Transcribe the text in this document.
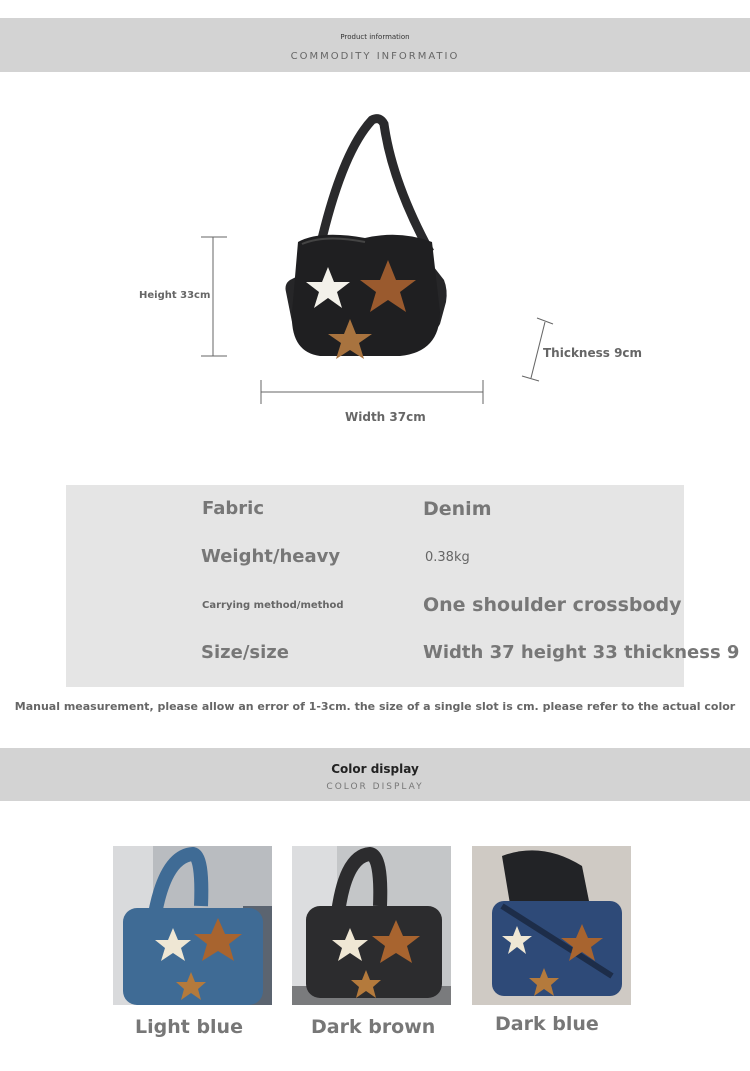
Product information
COMMODITY INFORMATIO
Height 33cm
Thickness 9cm
Width 37cm
Fabric	Denim
Weight/heavy	0.38kg
Carrying method/method	One shoulder crossbody
Size/size	Width 37 height 33 thickness 9
Manual measurement, please allow an error of 1-3cm. the size of a single slot is cm. please refer to the actual color
Color display
COLOR DISPLAY
Light blue	Dark brown	Dark blue
